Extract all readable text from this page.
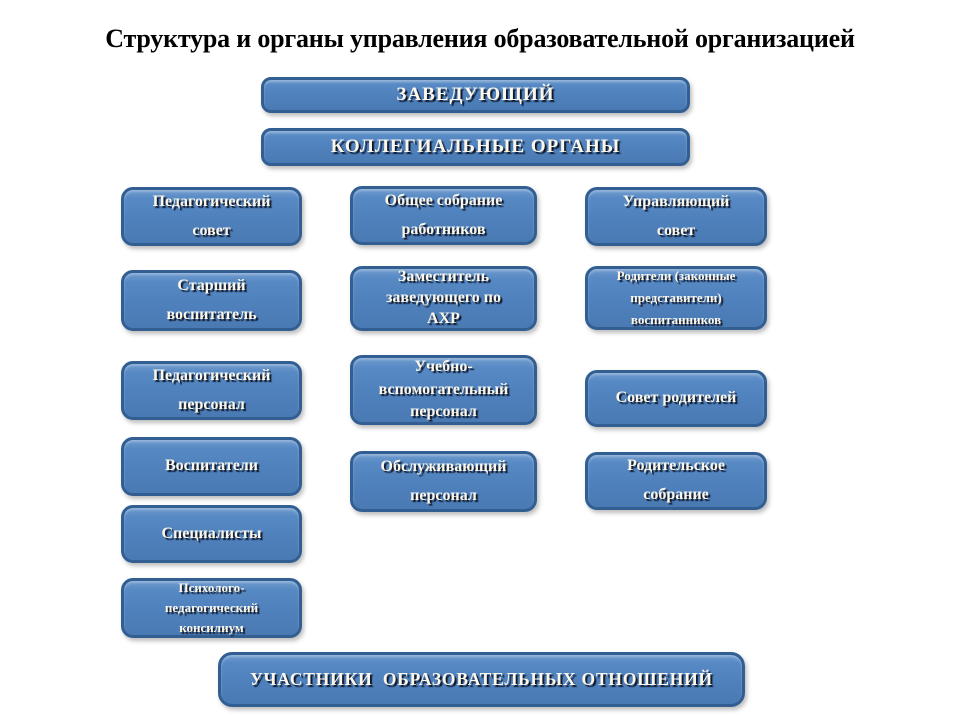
Структура и органы управления образовательной организацией
ЗАВЕДУЮЩИЙ
КОЛЛЕГИАЛЬНЫЕ ОРГАНЫ
Педагогический совет
Старший воспитатель
Педагогический персонал
Воспитатели
Специалисты
Психолого-педагогический консилиум
Общее собрание работников
Заместитель заведующего по АХР
Учебно-вспомогательный персонал
Обслуживающий персонал
Управляющий совет
Родители (законные представители) воспитанников
Совет родителей
Родительское собрание
УЧАСТНИКИ  ОБРАЗОВАТЕЛЬНЫХ ОТНОШЕНИЙ
